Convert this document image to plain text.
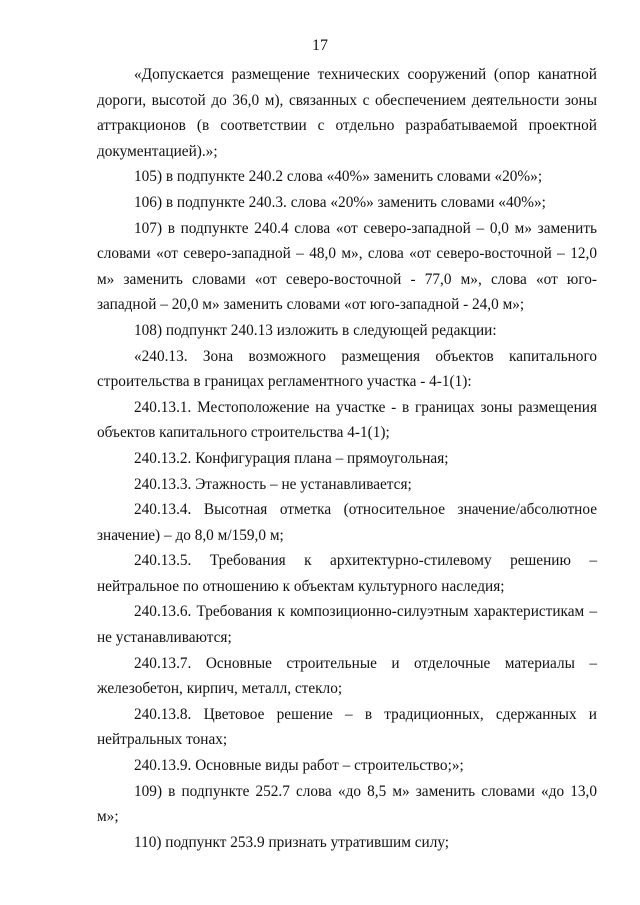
17

«Допускается размещение технических сооружений (опор канатной дороги, высотой до 36,0 м), связанных с обеспечением деятельности зоны аттракционов (в соответствии с отдельно разрабатываемой проектной документацией).»;

105) в подпункте 240.2 слова «40%» заменить словами «20%»;

106) в подпункте 240.3. слова «20%» заменить словами «40%»;

107) в подпункте 240.4 слова «от северо-западной – 0,0 м» заменить словами «от северо-западной – 48,0 м», слова «от северо-восточной – 12,0 м» заменить словами «от северо-восточной - 77,0 м», слова «от юго-западной – 20,0 м» заменить словами «от юго-западной - 24,0 м»;

108) подпункт 240.13 изложить в следующей редакции:

«240.13. Зона возможного размещения объектов капитального строительства в границах регламентного участка - 4-1(1):

240.13.1. Местоположение на участке - в границах зоны размещения объектов капитального строительства 4-1(1);

240.13.2. Конфигурация плана – прямоугольная;

240.13.3. Этажность – не устанавливается;

240.13.4. Высотная отметка (относительное значение/абсолютное значение) – до 8,0 м/159,0 м;

240.13.5. Требования к архитектурно-стилевому решению – нейтральное по отношению к объектам культурного наследия;

240.13.6. Требования к композиционно-силуэтным характеристикам – не устанавливаются;

240.13.7. Основные строительные и отделочные материалы – железобетон, кирпич, металл, стекло;

240.13.8. Цветовое решение – в традиционных, сдержанных и нейтральных тонах;

240.13.9. Основные виды работ – строительство;»;

109) в подпункте 252.7 слова «до 8,5 м» заменить словами «до 13,0 м»;

110) подпункт 253.9 признать утратившим силу;
